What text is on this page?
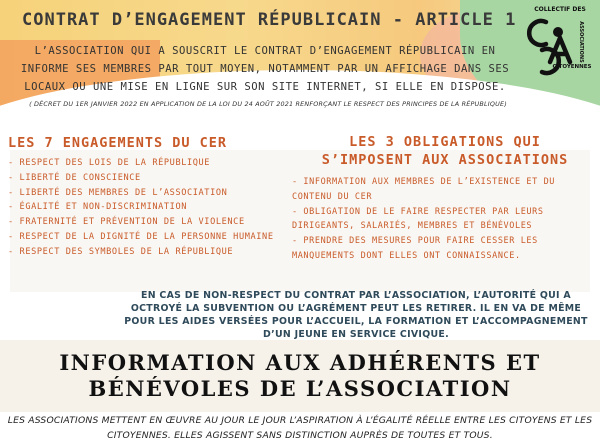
CONTRAT D’ENGAGEMENT RÉPUBLICAIN - ARTICLE 1
COLLECTIF DES
ASSOCIATIONS
CITOYENNES
L’ASSOCIATION QUI A SOUSCRIT LE CONTRAT D’ENGAGEMENT RÉPUBLICAIN EN INFORME SES MEMBRES PAR TOUT MOYEN, NOTAMMENT PAR UN AFFICHAGE DANS SES LOCAUX OU UNE MISE EN LIGNE SUR SON SITE INTERNET, SI ELLE EN DISPOSE.
( DÉCRET DU 1ER JANVIER 2022 EN APPLICATION DE LA LOI DU 24 AOÛT 2021 RENFORÇANT LE RESPECT DES PRINCIPES DE LA RÉPUBLIQUE)
LES 7 ENGAGEMENTS DU CER
- RESPECT DES LOIS DE LA RÉPUBLIQUE
- LIBERTÉ DE CONSCIENCE
- LIBERTÉ DES MEMBRES DE L’ASSOCIATION
- ÉGALITÉ ET NON-DISCRIMINATION
- FRATERNITÉ ET PRÉVENTION DE LA VIOLENCE
- RESPECT DE LA DIGNITÉ DE LA PERSONNE HUMAINE
- RESPECT DES SYMBOLES DE LA RÉPUBLIQUE
LES 3 OBLIGATIONS QUI S’IMPOSENT AUX ASSOCIATIONS
- INFORMATION AUX MEMBRES DE L’EXISTENCE ET DU CONTENU DU CER
- OBLIGATION DE LE FAIRE RESPECTER PAR LEURS DIRIGEANTS, SALARIÉS, MEMBRES ET BÉNÉVOLES
- PRENDRE DES MESURES POUR FAIRE CESSER LES MANQUEMENTS DONT ELLES ONT CONNAISSANCE.
EN CAS DE NON-RESPECT DU CONTRAT PAR L’ASSOCIATION, L’AUTORITÉ QUI A OCTROYÉ LA SUBVENTION OU L’AGRÉMENT PEUT LES RETIRER. IL EN VA DE MÊME POUR LES AIDES VERSÉES POUR L’ACCUEIL, LA FORMATION ET L’ACCOMPAGNEMENT D’UN JEUNE EN SERVICE CIVIQUE.
INFORMATION AUX ADHÉRENTS ET
BÉNÉVOLES DE L’ASSOCIATION
LES ASSOCIATIONS METTENT EN ŒUVRE AU JOUR LE JOUR L’ASPIRATION À L’ÉGALITÉ RÉELLE ENTRE LES CITOYENS ET LES CITOYENNES. ELLES AGISSENT SANS DISTINCTION AUPRÈS DE TOUTES ET TOUS.
